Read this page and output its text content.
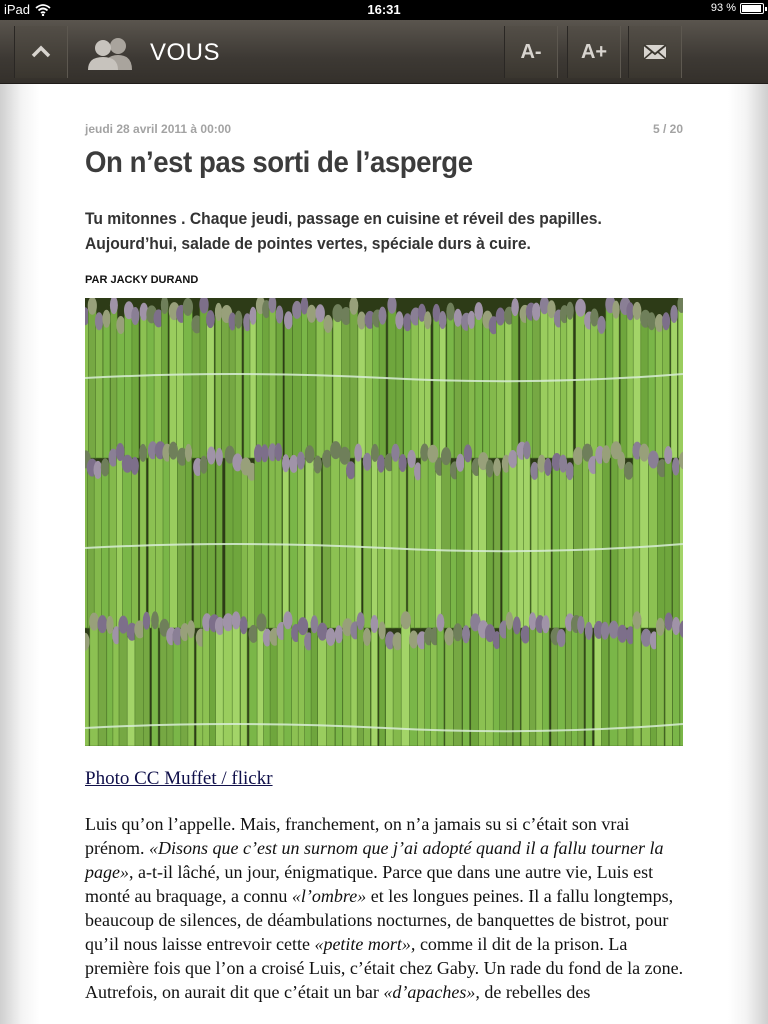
iPad	16:31	93 %
VOUS	A-	A+
jeudi 28 avril 2011 à 00:00	5 / 20
On n’est pas sorti de l’asperge

Tu mitonnes . Chaque jeudi, passage en cuisine et réveil des papilles. Aujourd’hui, salade de pointes vertes, spéciale durs à cuire.

PAR JACKY DURAND
Photo CC Muffet / flickr
Luis qu’on l’appelle. Mais, franchement, on n’a jamais su si c’était son vrai prénom. «Disons que c’est un surnom que j’ai adopté quand il a fallu tourner la page», a-t-il lâché, un jour, énigmatique. Parce que dans une autre vie, Luis est monté au braquage, a connu «l’ombre» et les longues peines. Il a fallu longtemps, beaucoup de silences, de déambulations nocturnes, de banquettes de bistrot, pour qu’il nous laisse entrevoir cette «petite mort», comme il dit de la prison. La première fois que l’on a croisé Luis, c’était chez Gaby. Un rade du fond de la zone. Autrefois, on aurait dit que c’était un bar «d’apaches», de rebelles des
